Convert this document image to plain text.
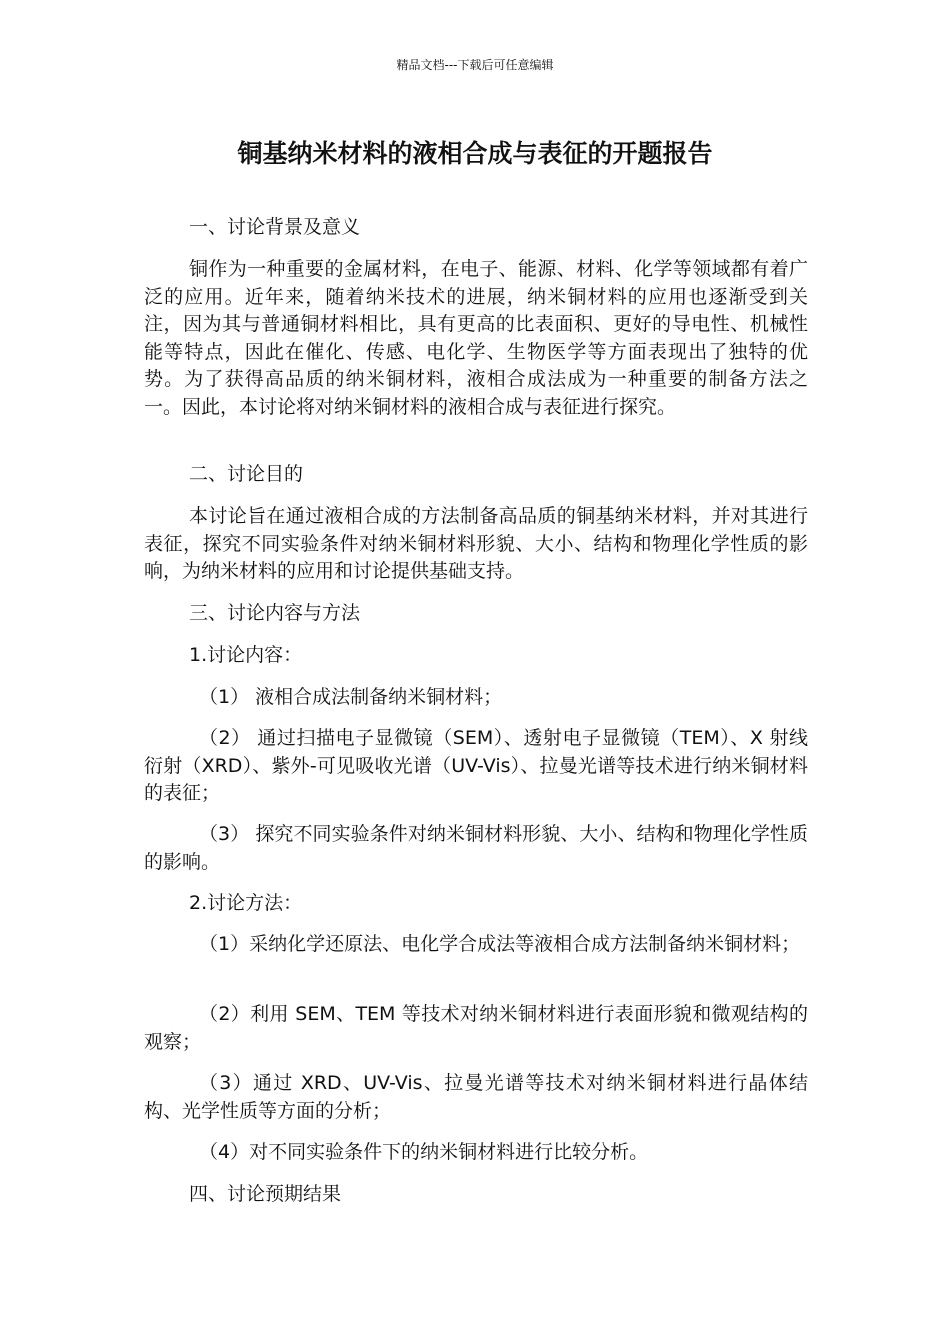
精品文档---下载后可任意编辑
铜基纳米材料的液相合成与表征的开题报告

一、讨论背景及意义

铜作为一种重要的金属材料，在电子、能源、材料、化学等领域都有着广泛的应用。近年来，随着纳米技术的进展，纳米铜材料的应用也逐渐受到关注，因为其与普通铜材料相比，具有更高的比表面积、更好的导电性、机械性能等特点，因此在催化、传感、电化学、生物医学等方面表现出了独特的优势。为了获得高品质的纳米铜材料，液相合成法成为一种重要的制备方法之一。因此，本讨论将对纳米铜材料的液相合成与表征进行探究。

二、讨论目的

本讨论旨在通过液相合成的方法制备高品质的铜基纳米材料，并对其进行表征，探究不同实验条件对纳米铜材料形貌、大小、结构和物理化学性质的影响，为纳米材料的应用和讨论提供基础支持。

三、讨论内容与方法

1.讨论内容：

（1） 液相合成法制备纳米铜材料；

（2） 通过扫描电子显微镜（SEM）、透射电子显微镜（TEM）、X 射线衍射（XRD）、紫外-可见吸收光谱（UV-Vis）、拉曼光谱等技术进行纳米铜材料的表征；

（3） 探究不同实验条件对纳米铜材料形貌、大小、结构和物理化学性质的影响。

2.讨论方法：

（1）采纳化学还原法、电化学合成法等液相合成方法制备纳米铜材料；

（2）利用 SEM、TEM 等技术对纳米铜材料进行表面形貌和微观结构的观察；

（3）通过 XRD、UV-Vis、拉曼光谱等技术对纳米铜材料进行晶体结构、光学性质等方面的分析；

（4）对不同实验条件下的纳米铜材料进行比较分析。

四、讨论预期结果
